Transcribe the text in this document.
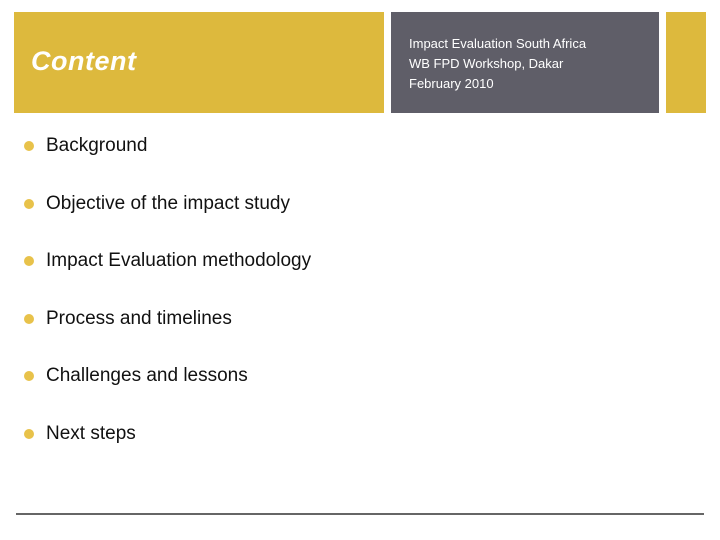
Content
Impact Evaluation South Africa
WB FPD Workshop, Dakar
February 2010
Background
Objective of the impact study
Impact Evaluation methodology
Process and timelines
Challenges and lessons
Next steps
